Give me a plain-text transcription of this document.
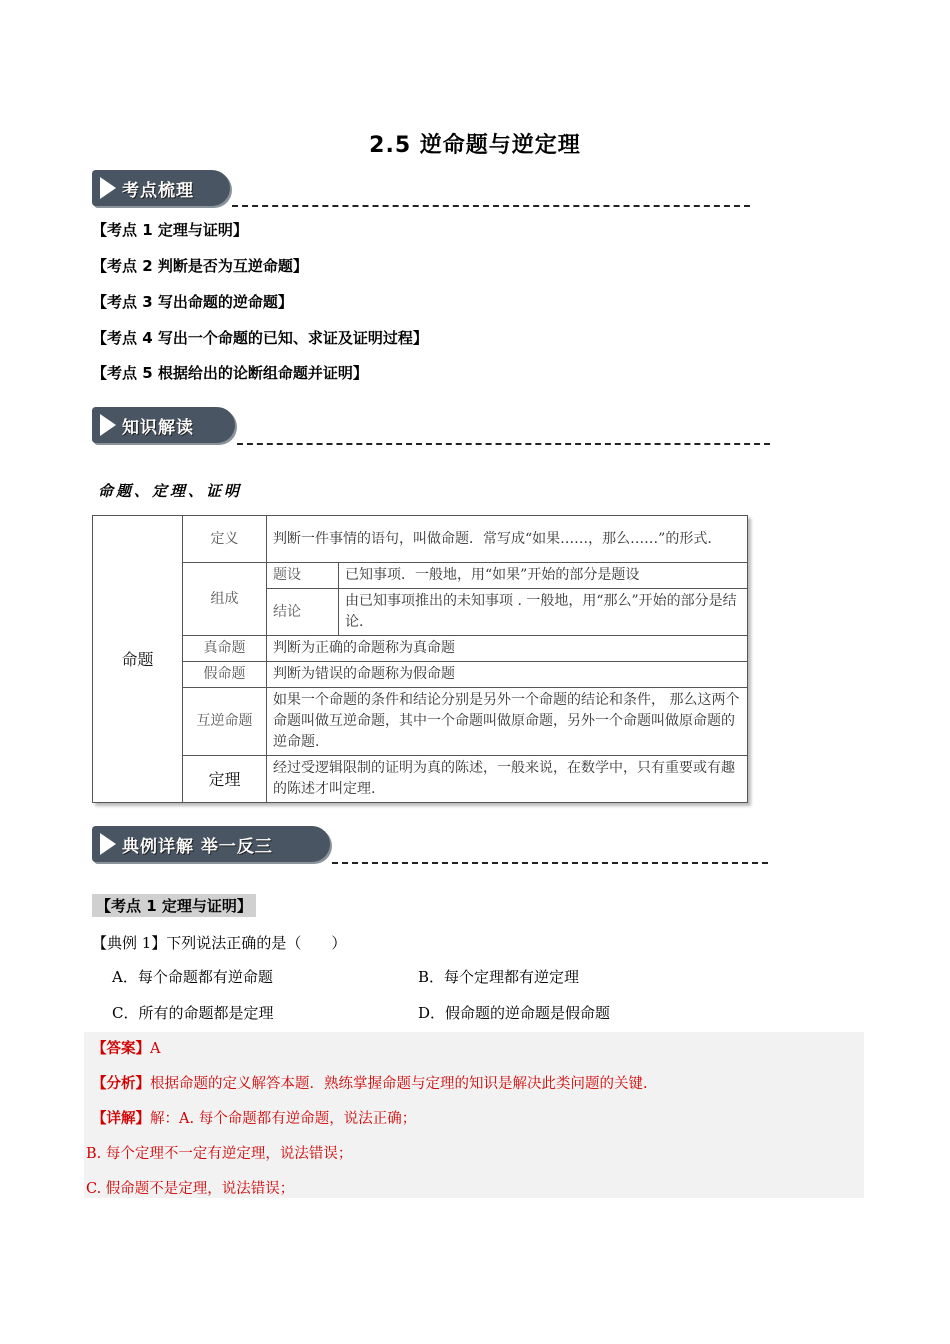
2.5 逆命题与逆定理
考点梳理
【考点 1 定理与证明】
【考点 2 判断是否为互逆命题】
【考点 3 写出命题的逆命题】
【考点 4 写出一个命题的已知、求证及证明过程】
【考点 5 根据给出的论断组命题并证明】
知识解读
命题、定理、证明
命题	定义	判断一件事情的语句，叫做命题．常写成“如果……，那么……”的形式.	
	组成	题设	已知事项．一般地，用“如果”开始的部分是题设
		结论	由已知事项推出的未知事项 . 一般地，用“那么”开始的部分是结论.
	真命题	判断为正确的命题称为真命题	
	假命题	判断为错误的命题称为假命题	
	互逆命题	如果一个命题的条件和结论分别是另外一个命题的结论和条件， 那么这两个命题叫做互逆命题，其中一个命题叫做原命题，另外一个命题叫做原命题的逆命题.	
	定理	经过受逻辑限制的证明为真的陈述，一般来说，在数学中，只有重要或有趣的陈述才叫定理.	
典例详解 举一反三
【考点 1 定理与证明】
【典例 1】下列说法正确的是（　　）
A．每个命题都有逆命题	B．每个定理都有逆定理
C．所有的命题都是定理	D．假命题的逆命题是假命题
【答案】A
【分析】根据命题的定义解答本题．熟练掌握命题与定理的知识是解决此类问题的关键.
【详解】解：A. 每个命题都有逆命题，说法正确；
B. 每个定理不一定有逆定理，说法错误；
C. 假命题不是定理，说法错误；
